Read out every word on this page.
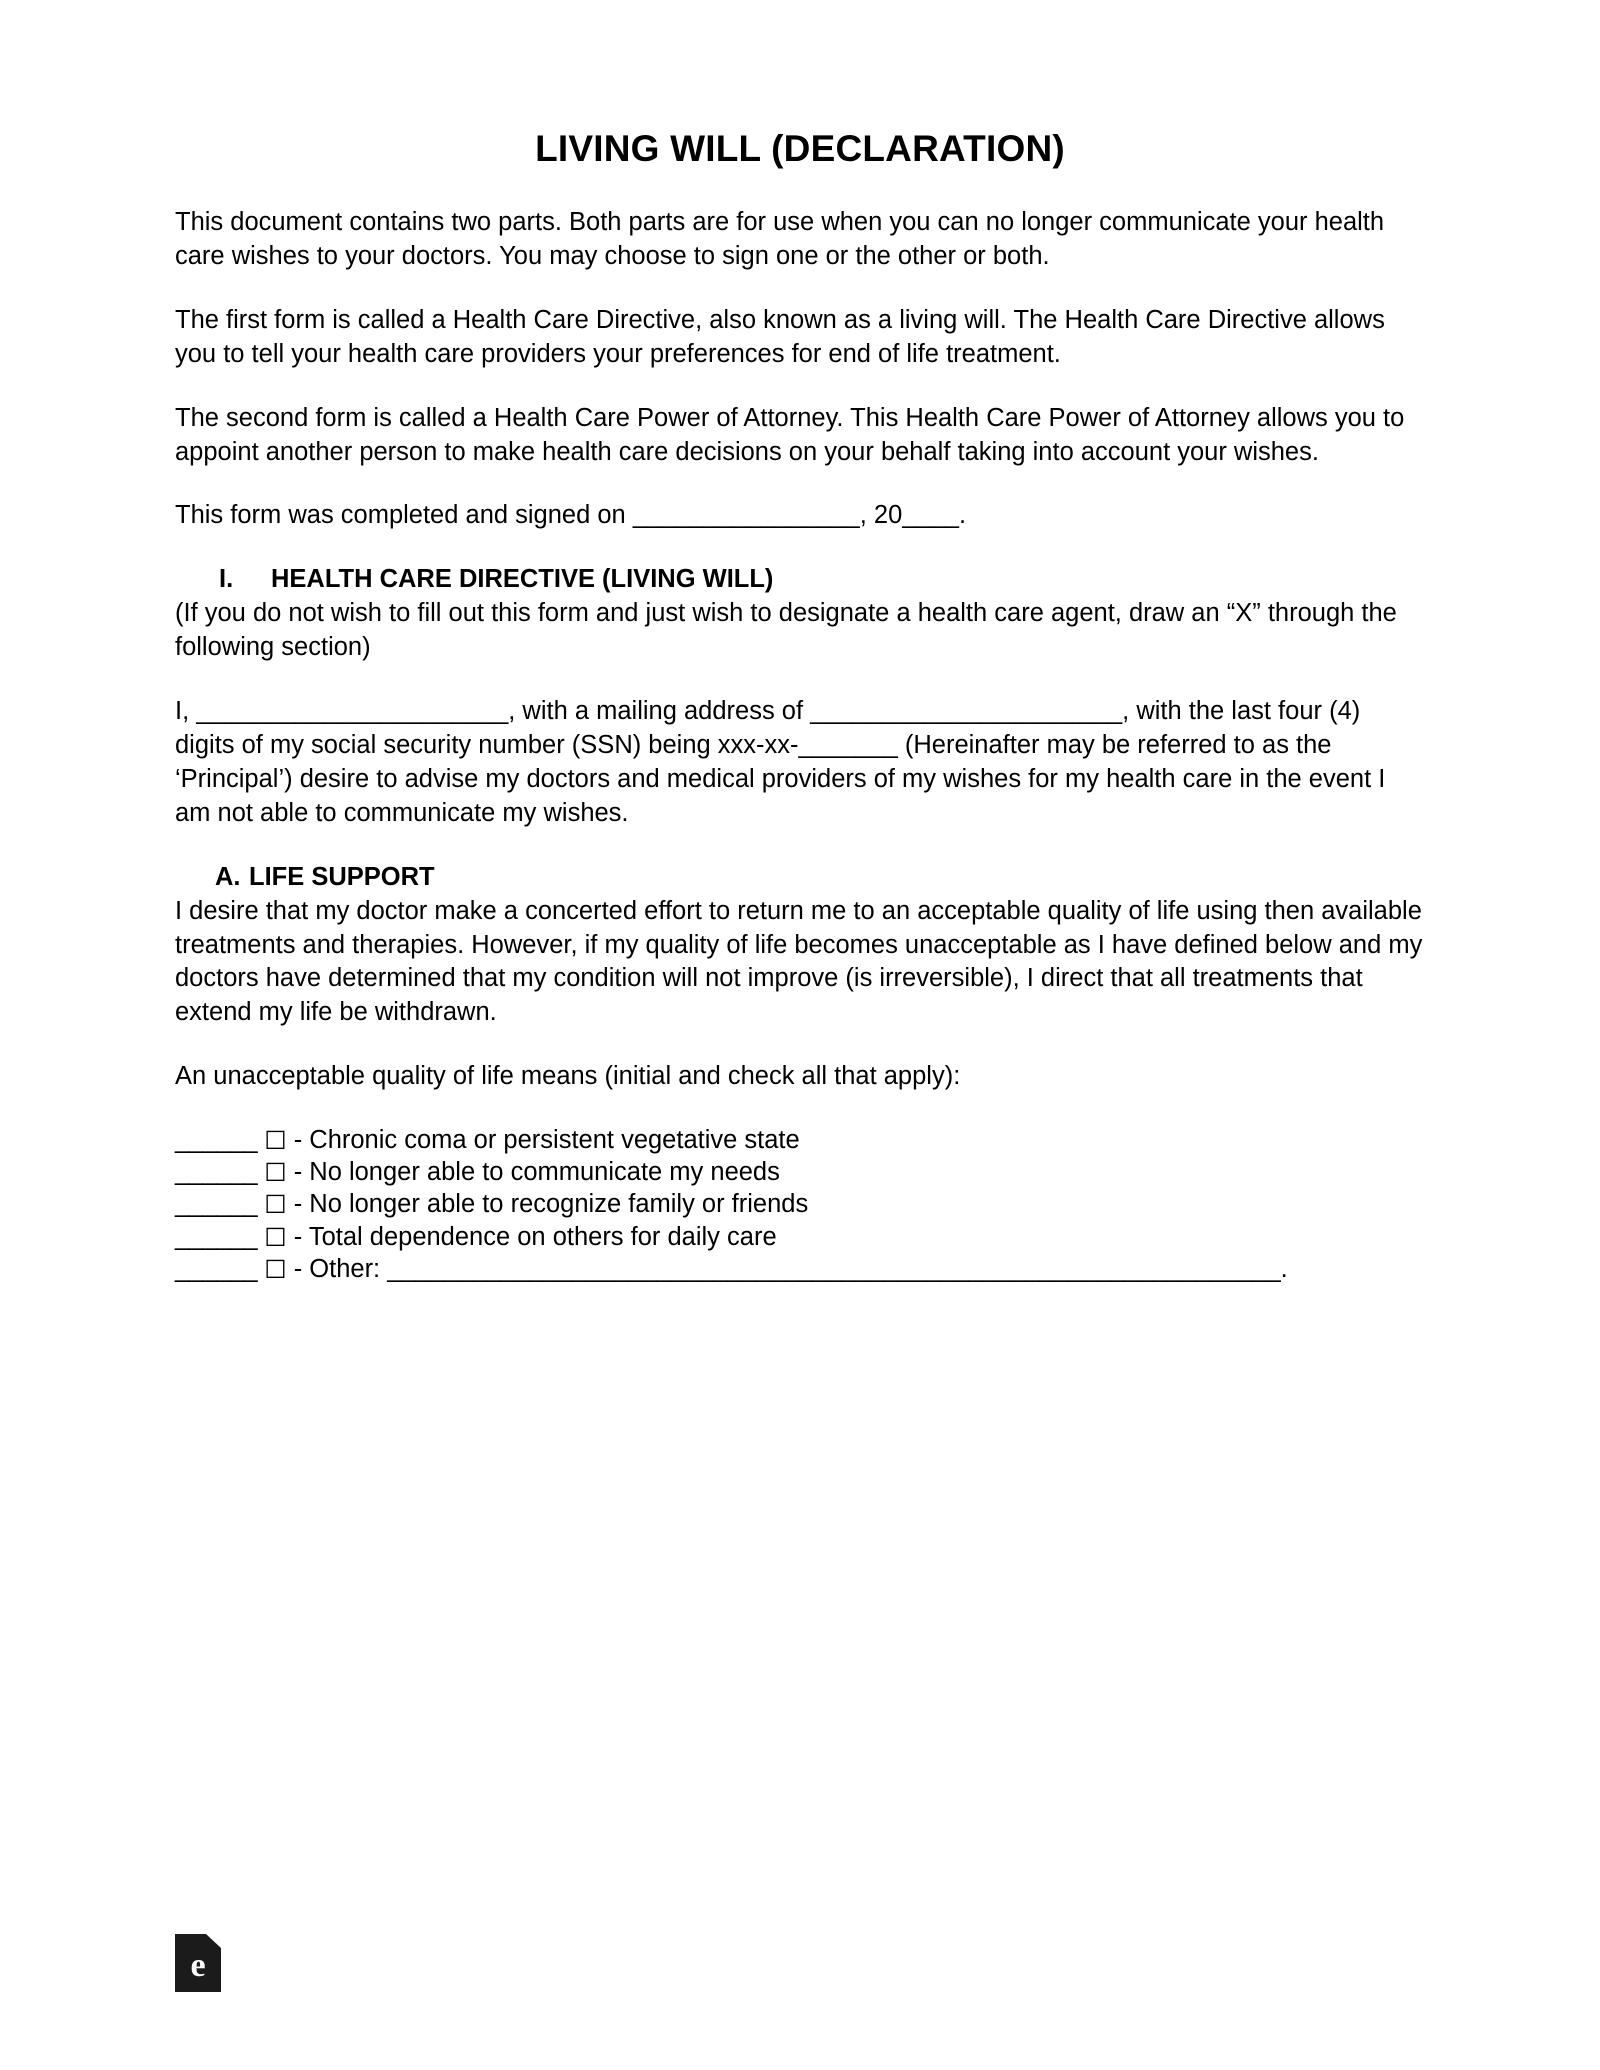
LIVING WILL (DECLARATION)

This document contains two parts. Both parts are for use when you can no longer communicate your health care wishes to your doctors. You may choose to sign one or the other or both.

The first form is called a Health Care Directive, also known as a living will. The Health Care Directive allows you to tell your health care providers your preferences for end of life treatment.

The second form is called a Health Care Power of Attorney. This Health Care Power of Attorney allows you to appoint another person to make health care decisions on your behalf taking into account your wishes.

This form was completed and signed on ________________, 20____.

I. HEALTH CARE DIRECTIVE (LIVING WILL)

(If you do not wish to fill out this form and just wish to designate a health care agent, draw an “X” through the following section)

I, ______________________, with a mailing address of ______________________, with the last four (4) digits of my social security number (SSN) being xxx-xx-_______ (Hereinafter may be referred to as the ‘Principal’) desire to advise my doctors and medical providers of my wishes for my health care in the event I am not able to communicate my wishes.

A. LIFE SUPPORT

I desire that my doctor make a concerted effort to return me to an acceptable quality of life using then available treatments and therapies. However, if my quality of life becomes unacceptable as I have defined below and my doctors have determined that my condition will not improve (is irreversible), I direct that all treatments that extend my life be withdrawn.

An unacceptable quality of life means (initial and check all that apply):

______ ☐ - Chronic coma or persistent vegetative state
______ ☐ - No longer able to communicate my needs
______ ☐ - No longer able to recognize family or friends
______ ☐ - Total dependence on others for daily care
______ ☐ - Other: _______________________________________________________________.
e
